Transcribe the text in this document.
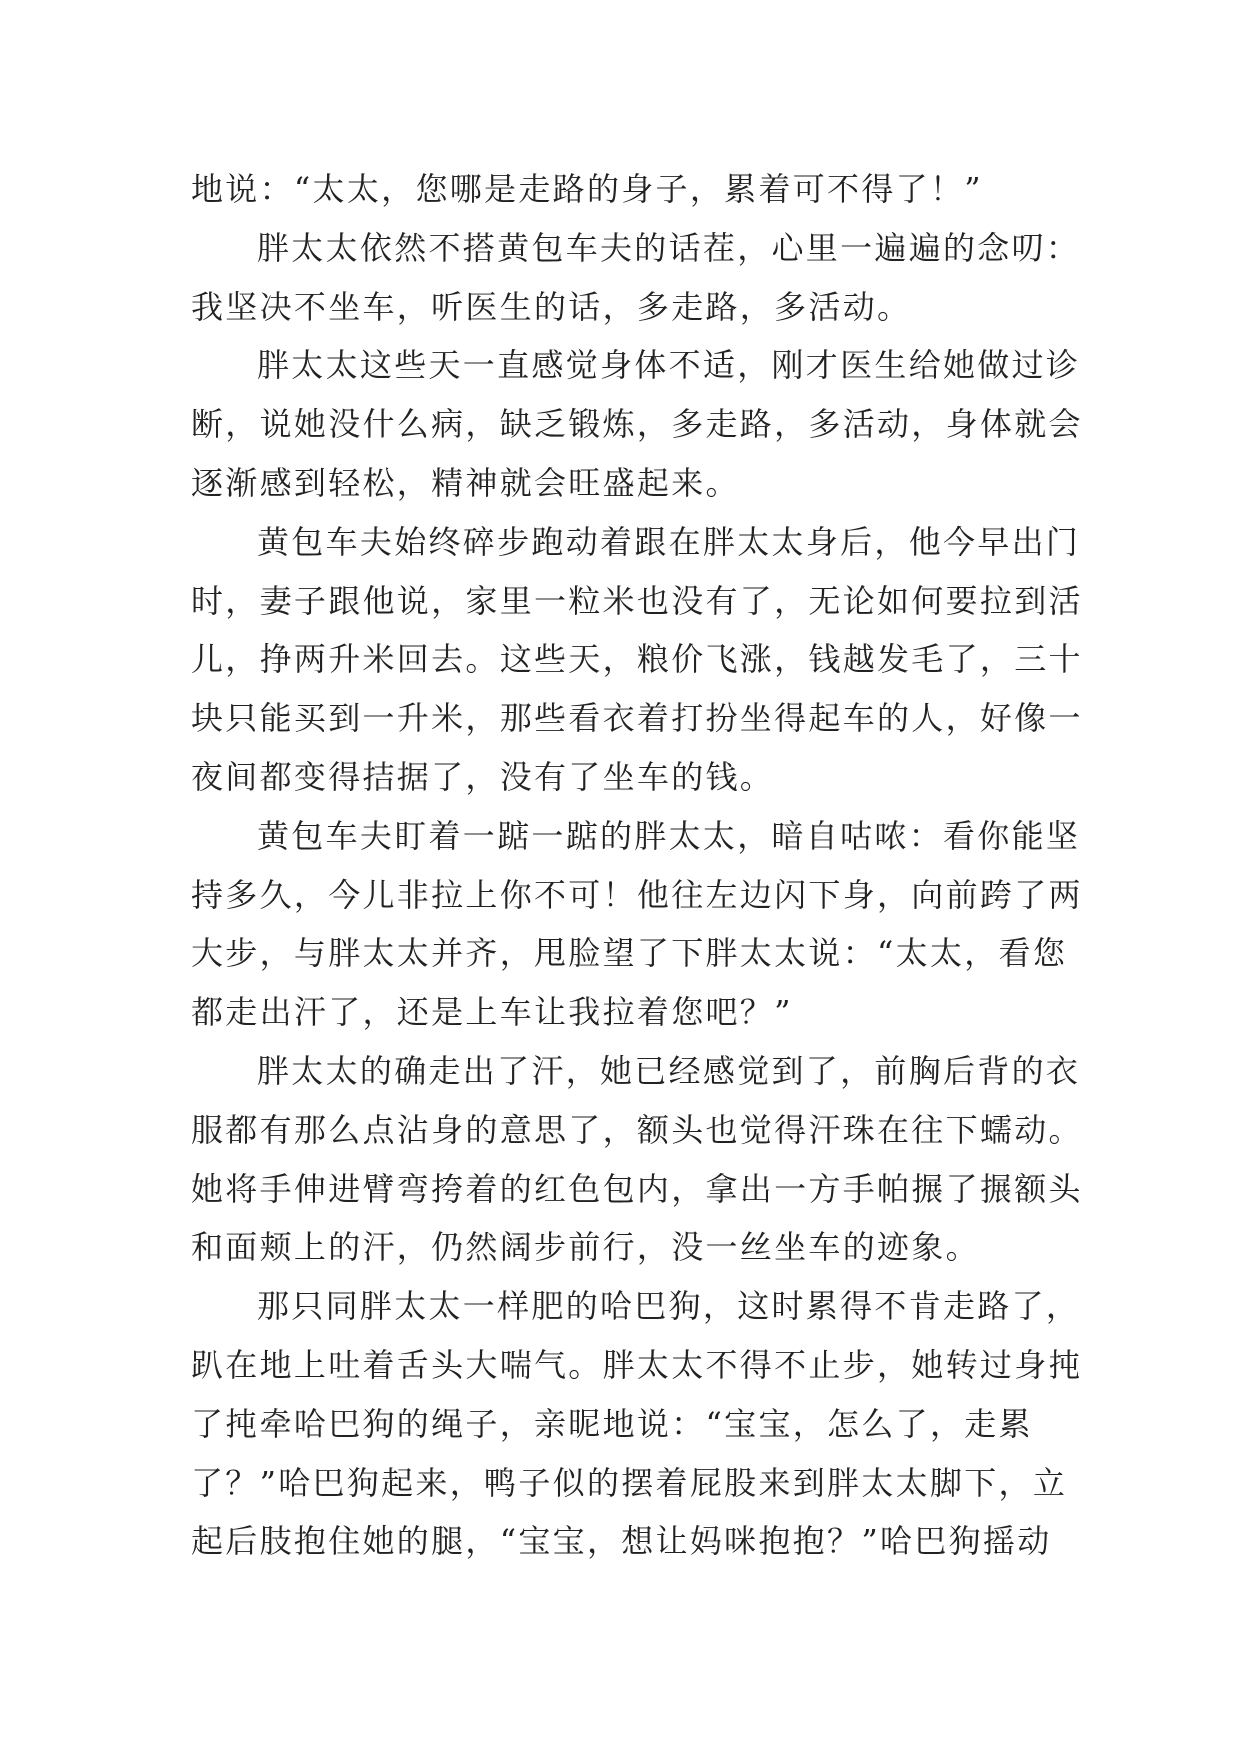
地说：“太太，您哪是走路的身子，累着可不得了！”
胖太太依然不搭黄包车夫的话茬，心里一遍遍的念叨：
我坚决不坐车，听医生的话，多走路，多活动。
胖太太这些天一直感觉身体不适，刚才医生给她做过诊
断，说她没什么病，缺乏锻炼，多走路，多活动，身体就会
逐渐感到轻松，精神就会旺盛起来。
黄包车夫始终碎步跑动着跟在胖太太身后，他今早出门
时，妻子跟他说，家里一粒米也没有了，无论如何要拉到活
儿，挣两升米回去。这些天，粮价飞涨，钱越发毛了，三十
块只能买到一升米，那些看衣着打扮坐得起车的人，好像一
夜间都变得拮据了，没有了坐车的钱。
黄包车夫盯着一踮一踮的胖太太，暗自咕哝：看你能坚
持多久，今儿非拉上你不可！他往左边闪下身，向前跨了两
大步，与胖太太并齐，甩脸望了下胖太太说：“太太，看您
都走出汗了，还是上车让我拉着您吧？”
胖太太的确走出了汗，她已经感觉到了，前胸后背的衣
服都有那么点沾身的意思了，额头也觉得汗珠在往下蠕动。
她将手伸进臂弯挎着的红色包内，拿出一方手帕搌了搌额头
和面颊上的汗，仍然阔步前行，没一丝坐车的迹象。
那只同胖太太一样肥的哈巴狗，这时累得不肯走路了，
趴在地上吐着舌头大喘气。胖太太不得不止步，她转过身扽
了扽牵哈巴狗的绳子，亲昵地说：“宝宝，怎么了，走累
了？”哈巴狗起来，鸭子似的摆着屁股来到胖太太脚下，立
起后肢抱住她的腿，“宝宝，想让妈咪抱抱？”哈巴狗摇动
